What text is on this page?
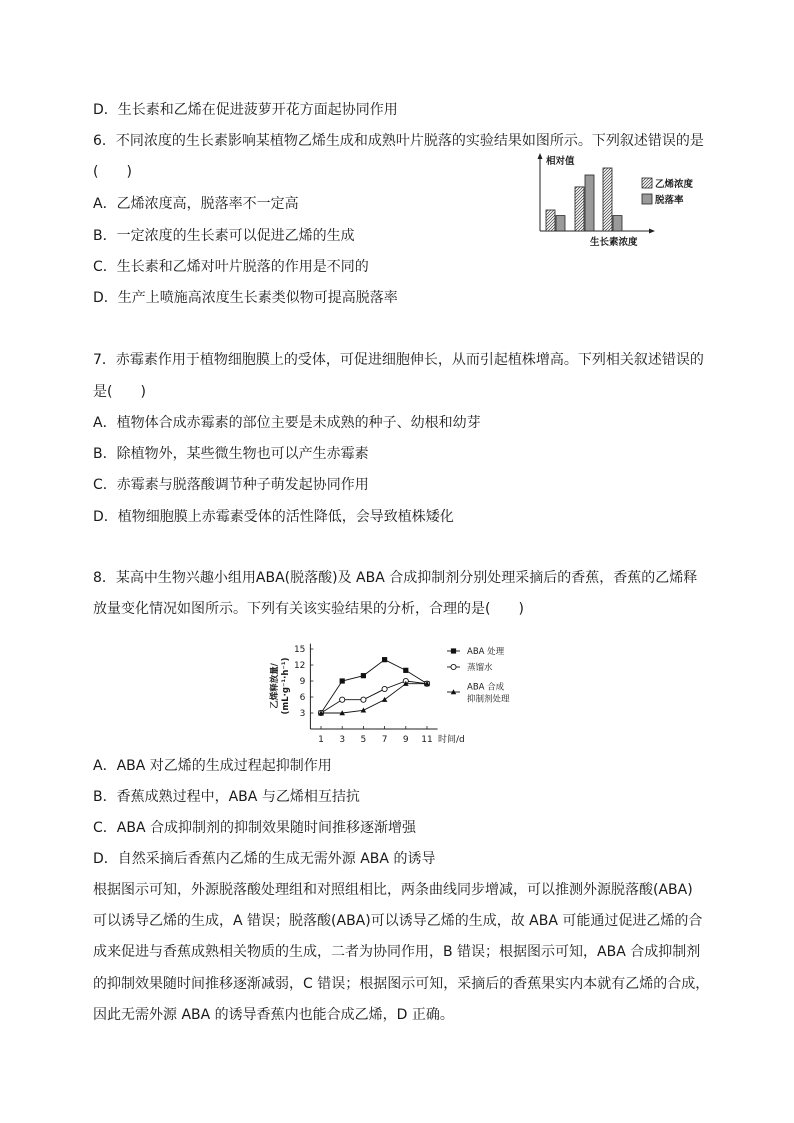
D．生长素和乙烯在促进菠萝开花方面起协同作用
6．不同浓度的生长素影响某植物乙烯生成和成熟叶片脱落的实验结果如图所示。下列叙述错误的是
(　　)
A．乙烯浓度高，脱落率不一定高
B．一定浓度的生长素可以促进乙烯的生成
C．生长素和乙烯对叶片脱落的作用是不同的
D．生产上喷施高浓度生长素类似物可提高脱落率
相对值
生长素浓度
乙烯浓度
脱落率
7．赤霉素作用于植物细胞膜上的受体，可促进细胞伸长，从而引起植株增高。下列相关叙述错误的
是(　　)
A．植物体合成赤霉素的部位主要是未成熟的种子、幼根和幼芽
B．除植物外，某些微生物也可以产生赤霉素
C．赤霉素与脱落酸调节种子萌发起协同作用
D．植物细胞膜上赤霉素受体的活性降低，会导致植株矮化
8．某高中生物兴趣小组用ABA(脱落酸)及 ABA 合成抑制剂分别处理采摘后的香蕉，香蕉的乙烯释
放量变化情况如图所示。下列有关该实验结果的分析，合理的是(　　)
3
6
9
12
15
1 3 5 7 9 11 时间/d
乙烯释放量/(mL·g⁻¹·h⁻¹)
ABA 处理
蒸馏水
ABA 合成抑制剂处理
A．ABA 对乙烯的生成过程起抑制作用
B．香蕉成熟过程中，ABA 与乙烯相互拮抗
C．ABA 合成抑制剂的抑制效果随时间推移逐渐增强
D．自然采摘后香蕉内乙烯的生成无需外源 ABA 的诱导
根据图示可知，外源脱落酸处理组和对照组相比，两条曲线同步增减，可以推测外源脱落酸(ABA)
可以诱导乙烯的生成，A 错误；脱落酸(ABA)可以诱导乙烯的生成，故 ABA 可能通过促进乙烯的合
成来促进与香蕉成熟相关物质的生成，二者为协同作用，B 错误；根据图示可知，ABA 合成抑制剂
的抑制效果随时间推移逐渐减弱，C 错误；根据图示可知，采摘后的香蕉果实内本就有乙烯的合成，
因此无需外源 ABA 的诱导香蕉内也能合成乙烯，D 正确。
